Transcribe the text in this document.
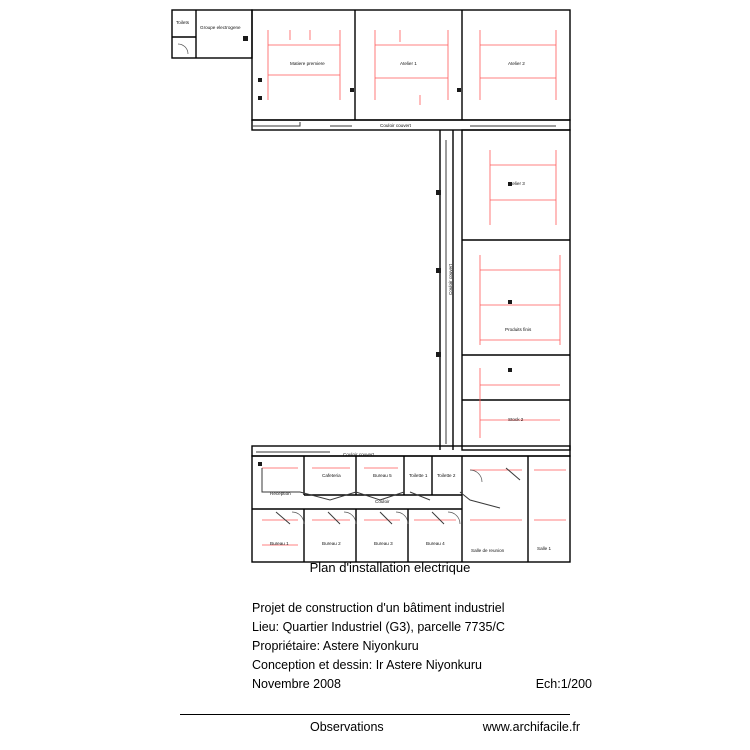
Toilets
Groupe electrogene
Matiere premiere	Atelier 1	Atelier 2
Couloir couvert
Atelier 3
Couloir couvert
Produits finis
Stock 2
Couloir couvert
Reception
Cafeteria	Bureau 5	Toilette 1 Toilette 2
Couloir
Bureau 1	Bureau 2	Bureau 3	Bureau 4
Salle de reunion	Salle 1
Plan d'installation electrique
Projet de construction d'un bâtiment industriel
Lieu: Quartier Industriel (G3), parcelle 7735/C
Propriétaire: Astere Niyonkuru
Conception et dessin: Ir Astere Niyonkuru
Novembre 2008	Ech:1/200
Observations	www.archifacile.fr
